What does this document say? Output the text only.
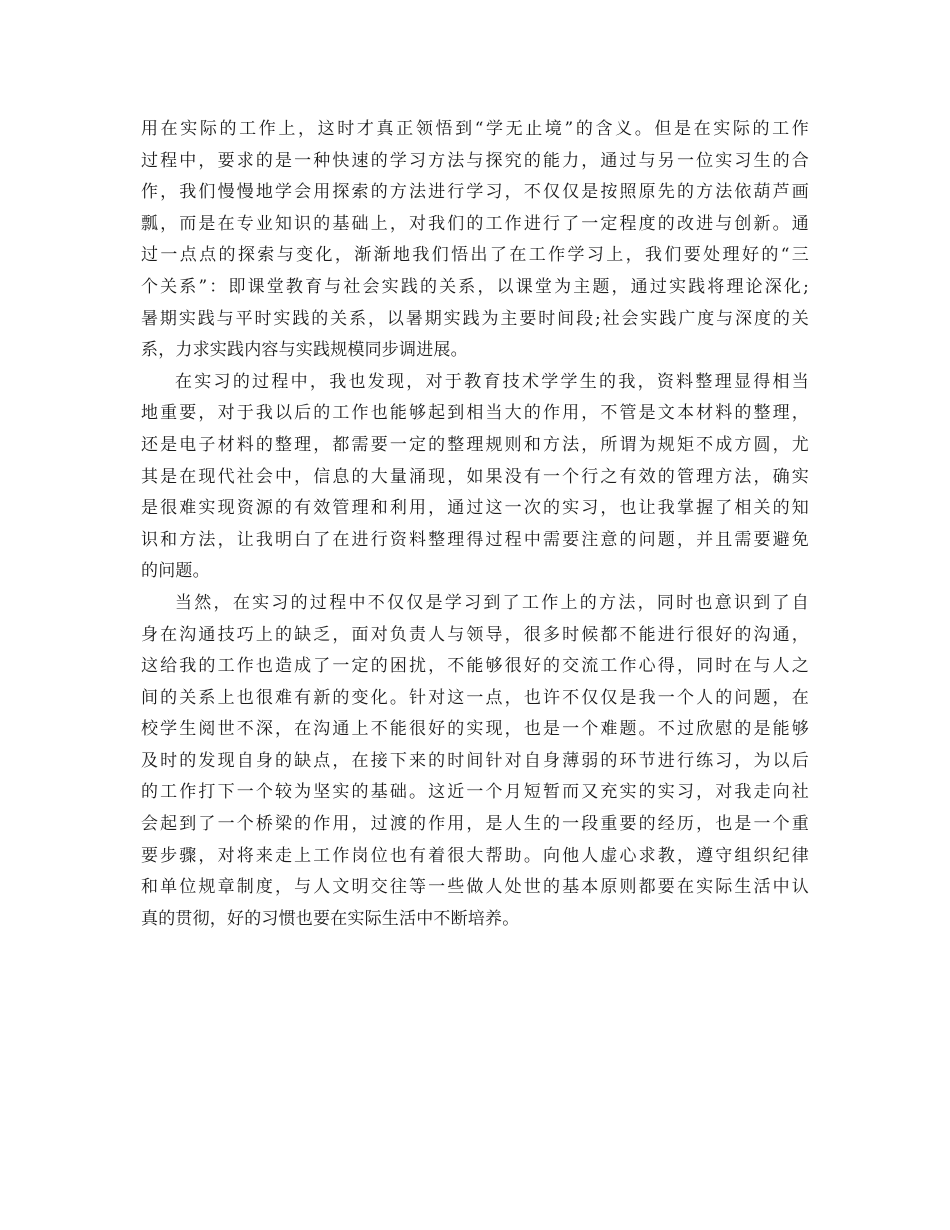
用在实际的工作上，这时才真正领悟到“学无止境”的含义。但是在实际的工作
过程中，要求的是一种快速的学习方法与探究的能力，通过与另一位实习生的合
作，我们慢慢地学会用探索的方法进行学习，不仅仅是按照原先的方法依葫芦画
瓢，而是在专业知识的基础上，对我们的工作进行了一定程度的改进与创新。通
过一点点的探索与变化，渐渐地我们悟出了在工作学习上，我们要处理好的“三
个关系”：即课堂教育与社会实践的关系，以课堂为主题，通过实践将理论深化;
暑期实践与平时实践的关系，以暑期实践为主要时间段;社会实践广度与深度的关
系，力求实践内容与实践规模同步调进展。
在实习的过程中，我也发现，对于教育技术学学生的我，资料整理显得相当
地重要，对于我以后的工作也能够起到相当大的作用，不管是文本材料的整理，
还是电子材料的整理，都需要一定的整理规则和方法，所谓为规矩不成方圆，尤
其是在现代社会中，信息的大量涌现，如果没有一个行之有效的管理方法，确实
是很难实现资源的有效管理和利用，通过这一次的实习，也让我掌握了相关的知
识和方法，让我明白了在进行资料整理得过程中需要注意的问题，并且需要避免
的问题。
当然，在实习的过程中不仅仅是学习到了工作上的方法，同时也意识到了自
身在沟通技巧上的缺乏，面对负责人与领导，很多时候都不能进行很好的沟通，
这给我的工作也造成了一定的困扰，不能够很好的交流工作心得，同时在与人之
间的关系上也很难有新的变化。针对这一点，也许不仅仅是我一个人的问题，在
校学生阅世不深，在沟通上不能很好的实现，也是一个难题。不过欣慰的是能够
及时的发现自身的缺点，在接下来的时间针对自身薄弱的环节进行练习，为以后
的工作打下一个较为坚实的基础。这近一个月短暂而又充实的实习，对我走向社
会起到了一个桥梁的作用，过渡的作用，是人生的一段重要的经历，也是一个重
要步骤，对将来走上工作岗位也有着很大帮助。向他人虚心求教，遵守组织纪律
和单位规章制度，与人文明交往等一些做人处世的基本原则都要在实际生活中认
真的贯彻，好的习惯也要在实际生活中不断培养。
